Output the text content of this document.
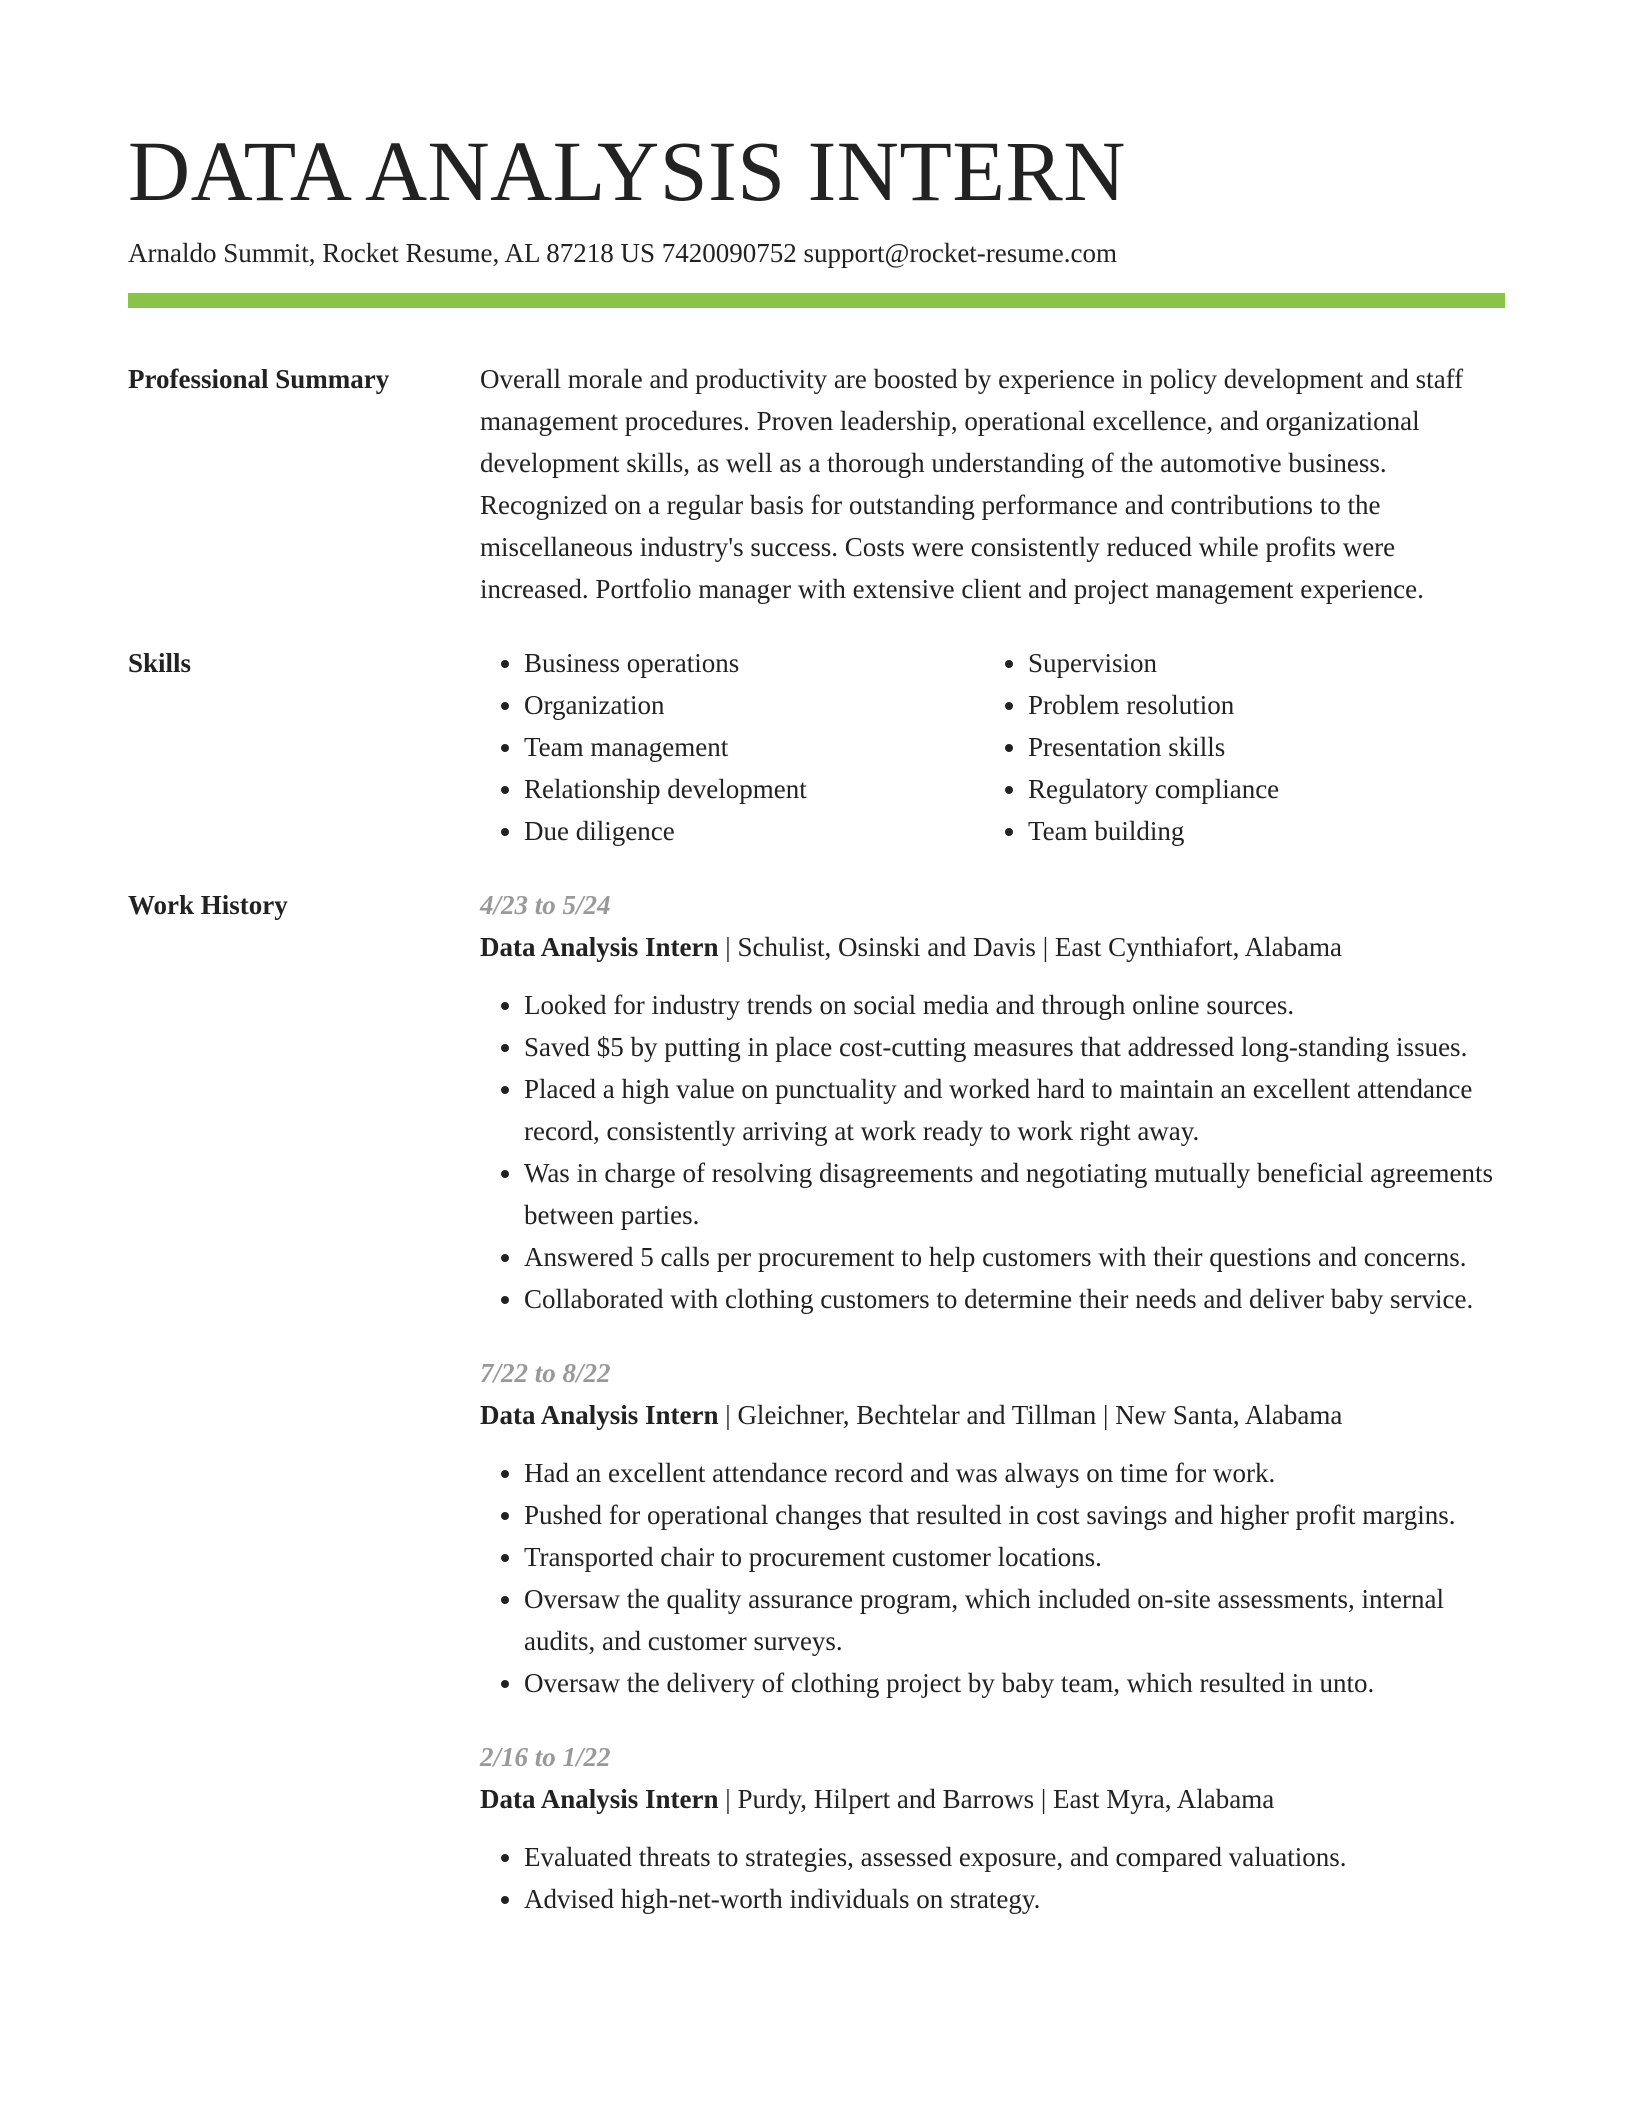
DATA ANALYSIS INTERN
Arnaldo Summit, Rocket Resume, AL 87218 US 7420090752 support@rocket-resume.com
Professional Summary	Overall morale and productivity are boosted by experience in policy development and staff management procedures. Proven leadership, operational excellence, and organizational development skills, as well as a thorough understanding of the automotive business. Recognized on a regular basis for outstanding performance and contributions to the miscellaneous industry's success. Costs were consistently reduced while profits were increased. Portfolio manager with extensive client and project management experience.
Skills
•	Business operations
• Organization
• Team management
• Relationship development
• Due diligence
• Supervision
• Problem resolution
• Presentation skills
• Regulatory compliance
• Team building
Work History	4/23 to 5/24
Data Analysis Intern | Schulist, Osinski and Davis | East Cynthiafort, Alabama
• Looked for industry trends on social media and through online sources.
• Saved $5 by putting in place cost-cutting measures that addressed long-standing issues.
• Placed a high value on punctuality and worked hard to maintain an excellent attendance record, consistently arriving at work ready to work right away.
• Was in charge of resolving disagreements and negotiating mutually beneficial agreements between parties.
• Answered 5 calls per procurement to help customers with their questions and concerns.
• Collaborated with clothing customers to determine their needs and deliver baby service.
7/22 to 8/22
Data Analysis Intern | Gleichner, Bechtelar and Tillman | New Santa, Alabama
• Had an excellent attendance record and was always on time for work.
• Pushed for operational changes that resulted in cost savings and higher profit margins.
• Transported chair to procurement customer locations.
• Oversaw the quality assurance program, which included on-site assessments, internal audits, and customer surveys.
• Oversaw the delivery of clothing project by baby team, which resulted in unto.
2/16 to 1/22
Data Analysis Intern | Purdy, Hilpert and Barrows | East Myra, Alabama
• Evaluated threats to strategies, assessed exposure, and compared valuations.
• Advised high-net-worth individuals on strategy.
